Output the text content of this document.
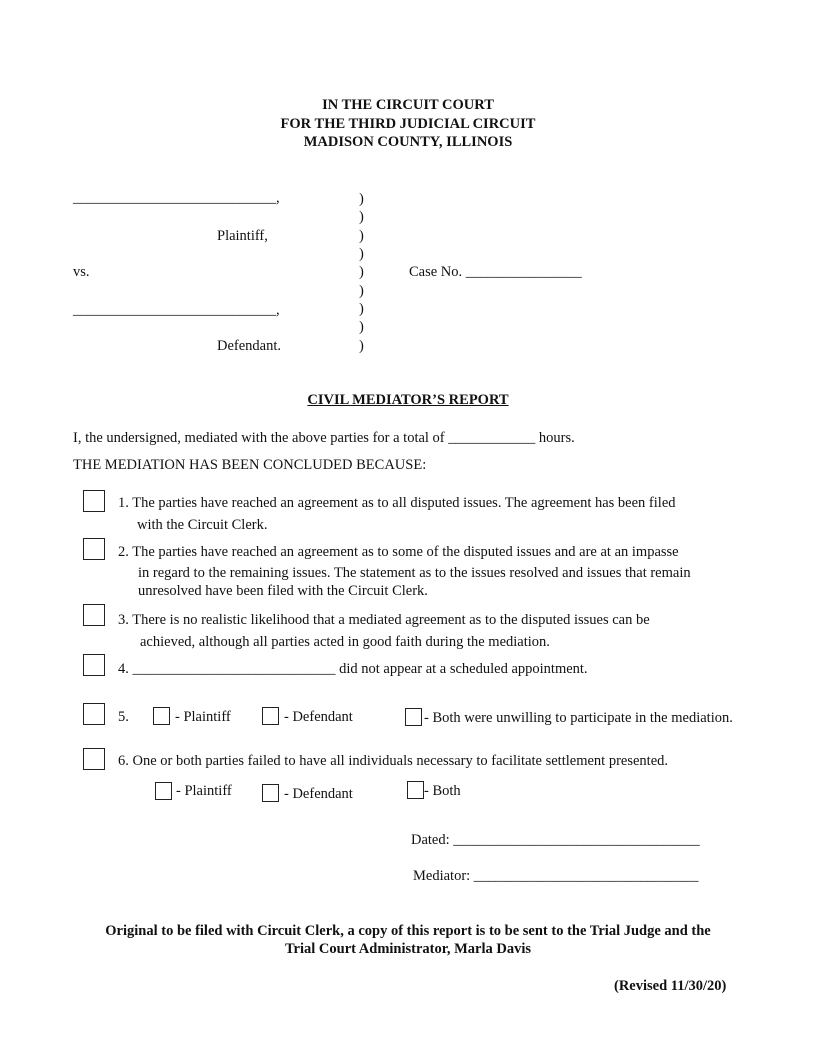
IN THE CIRCUIT COURT
FOR THE THIRD JUDICIAL CIRCUIT
MADISON COUNTY, ILLINOIS
____________________________,
Plaintiff,
vs.
____________________________,
Defendant.
)
)
)
)
)
)
)
)
)
Case No. ________________
CIVIL MEDIATOR’S REPORT
I, the undersigned, mediated with the above parties for a total of ____________ hours.
THE MEDIATION HAS BEEN CONCLUDED BECAUSE:
1. The parties have reached an agreement as to all disputed issues. The agreement has been filed
with the Circuit Clerk.
2. The parties have reached an agreement as to some of the disputed issues and are at an impasse
in regard to the remaining issues. The statement as to the issues resolved and issues that remain
unresolved have been filed with the Circuit Clerk.
3. There is no realistic likelihood that a mediated agreement as to the disputed issues can be
achieved, although all parties acted in good faith during the mediation.
4. ____________________________ did not appear at a scheduled appointment.
5.	- Plaintiff	- Defendant	- Both were unwilling to participate in the mediation.
6. One or both parties failed to have all individuals necessary to facilitate settlement presented.
- Plaintiff	- Defendant	- Both
Dated: __________________________________
Mediator: _______________________________
Original to be filed with Circuit Clerk, a copy of this report is to be sent to the Trial Judge and the
Trial Court Administrator, Marla Davis
(Revised 11/30/20)
